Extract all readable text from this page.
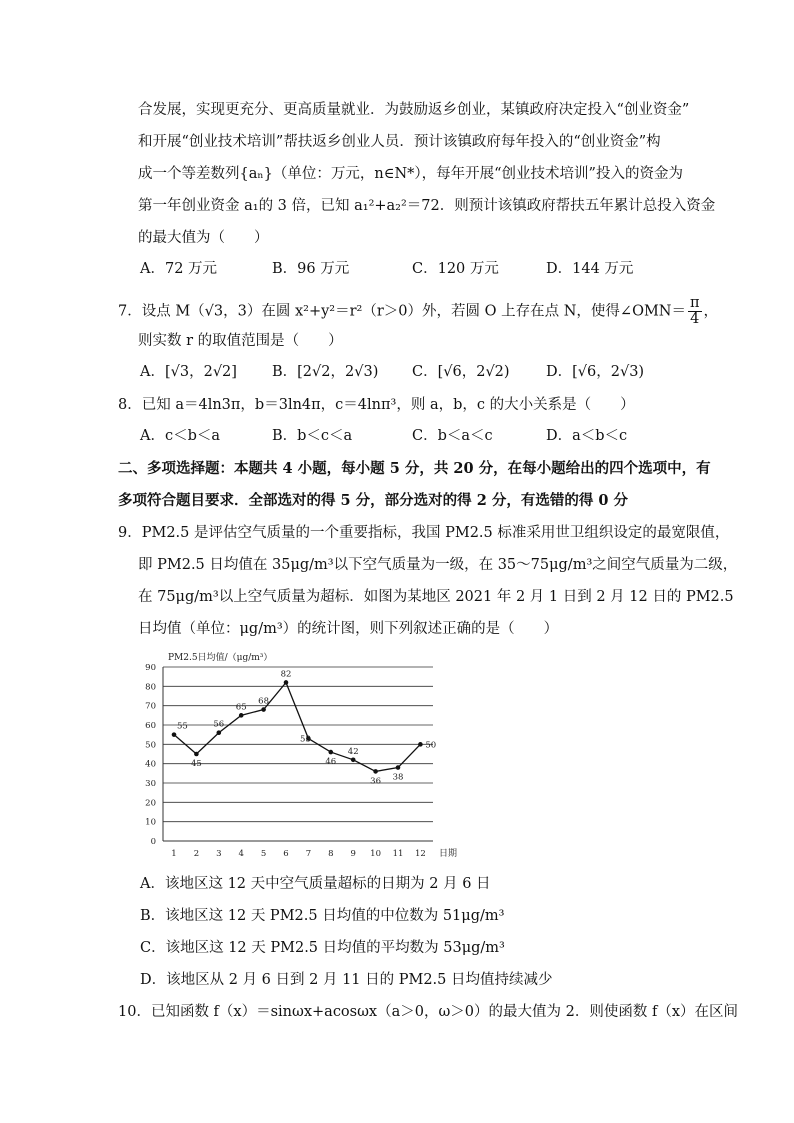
合发展，实现更充分、更高质量就业．为鼓励返乡创业，某镇政府决定投入“创业资金”
和开展“创业技术培训”帮扶返乡创业人员．预计该镇政府每年投入的“创业资金”构
成一个等差数列{aₙ}（单位：万元，n∈N*），每年开展“创业技术培训”投入的资金为
第一年创业资金 a₁的 3 倍，已知 a₁²+a₂²＝72．则预计该镇政府帮扶五年累计总投入资金
的最大值为（　　）
A．72 万元	B．96 万元	C．120 万元	D．144 万元
7．设点 M（√3，3）在圆 x²+y²＝r²（r＞0）外，若圆 O 上存在点 N，使得∠OMN＝ $\frac{\pi}{4}$ ，
则实数 r 的取值范围是（　　）
A．[√3，2√2] B．[2√2，2√3) C．[√6，2√2)	D．[√6，2√3)
8．已知 a＝4ln3π，b＝3ln4π，c＝4lnπ³，则 a，b，c 的大小关系是（　　）
A．c＜b＜a	B．b＜c＜a	C．b＜a＜c	D．a＜b＜c
二、多项选择题：本题共 4 小题，每小题 5 分，共 20 分，在每小题给出的四个选项中，有
多项符合题目要求．全部选对的得 5 分，部分选对的得 2 分，有选错的得 0 分
9．PM2.5 是评估空气质量的一个重要指标，我国 PM2.5 标准采用世卫组织设定的最宽限值，
即 PM2.5 日均值在 35μg/m³以下空气质量为一级，在 35～75μg/m³之间空气质量为二级，
在 75μg/m³以上空气质量为超标．如图为某地区 2021 年 2 月 1 日到 2 月 12 日的 PM2.5
日均值（单位：μg/m³）的统计图，则下列叙述正确的是（　　）
0
10
20
30
40
50
60
70
80
90
1 2 3 4 5 6 7 8 9 10 11 12 日期
PM2.5日均值/（μg/m³）
55
45
56
65
68
82
53
46
42
36 38
50
A．该地区这 12 天中空气质量超标的日期为 2 月 6 日
B．该地区这 12 天 PM2.5 日均值的中位数为 51μg/m³
C．该地区这 12 天 PM2.5 日均值的平均数为 53μg/m³
D．该地区从 2 月 6 日到 2 月 11 日的 PM2.5 日均值持续减少
10．已知函数 f（x）＝sinωx+acosωx（a＞0，ω＞0）的最大值为 2．则使函数 f（x）在区间
